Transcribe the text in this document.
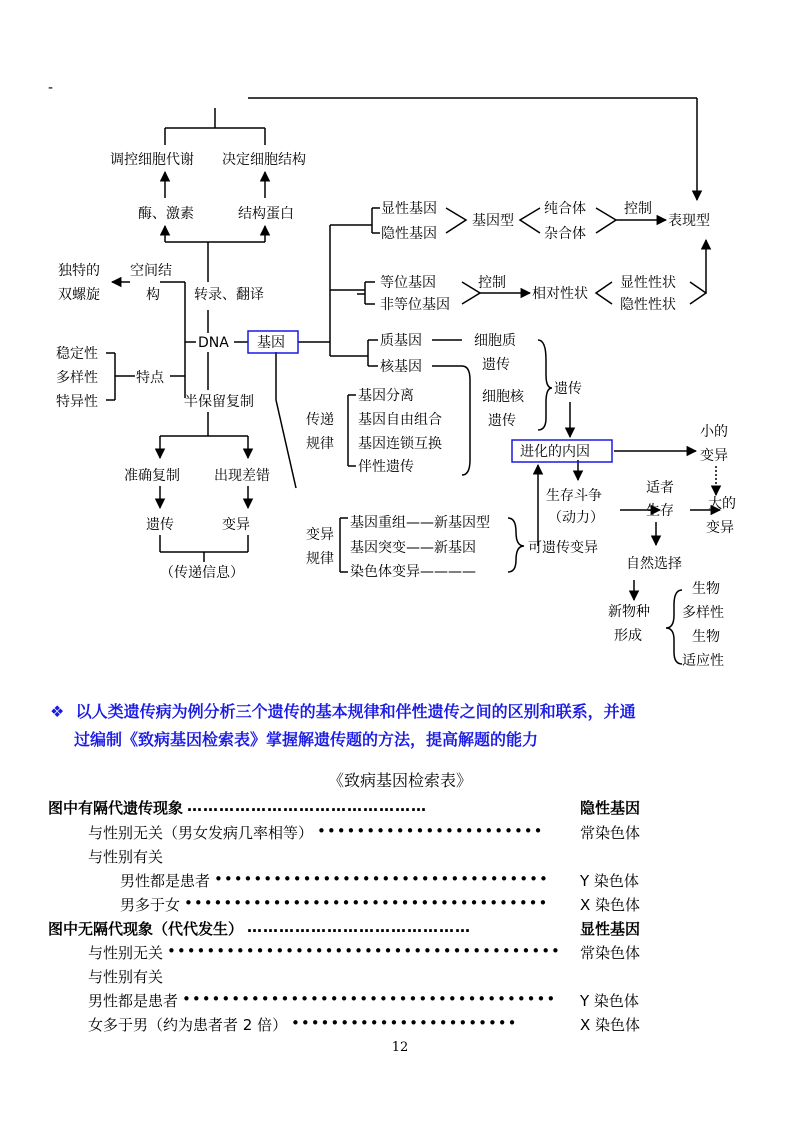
-
调控细胞代谢 决定细胞结构
酶、激素	结构蛋白
独特的
双螺旋
空间结
构 转录、翻译
DNA 基因
稳定性
多样性
特异性
特点
半保留复制
准确复制 出现差错
遗传	变异
（传递信息）
显性基因
隐性基因
基因型
纯合体
杂合体
控制
表现型
等位基因
非等位基因
控制
相对性状
显性性状
隐性性状
质基因
核基因
细胞质
遗传
细胞核
遗传
遗传
传递
规律
基因分离
基因自由组合
基因连锁互换
伴性遗传
变异
规律
基因重组——新基因型
基因突变——新基因
染色体变异————
可遗传变异
进化的内因
小的
变异
生存斗争
（动力）
适者
生存 大的
变异
自然选择
新物种
形成
生物
多样性
生物
适应性
❖ 以人类遗传病为例分析三个遗传的基本规律和伴性遗传之间的区别和联系，并通
过编制《致病基因检索表》掌握解遗传题的方法，提高解题的能力
《致病基因检索表》
图中有隔代遗传现象 ………………………………………	隐性基因
与性别无关（男女发病几率相等） •••••••••••••••••••••••	常染色体
与性别有关
男性都是患者 ••••••••••••••••••••••••••••••••••	Y 染色体
男多于女 •••••••••••••••••••••••••••••••••••••	X 染色体
图中无隔代现象（代代发生） ……………………………………	显性基因
与性别无关 ••••••••••••••••••••••••••••••••••••••••	常染色体
与性别有关
男性都是患者 ••••••••••••••••••••••••••••••••••••••	Y 染色体
女多于男（约为患者者 2 倍） •••••••••••••••••••••••	X 染色体
12
